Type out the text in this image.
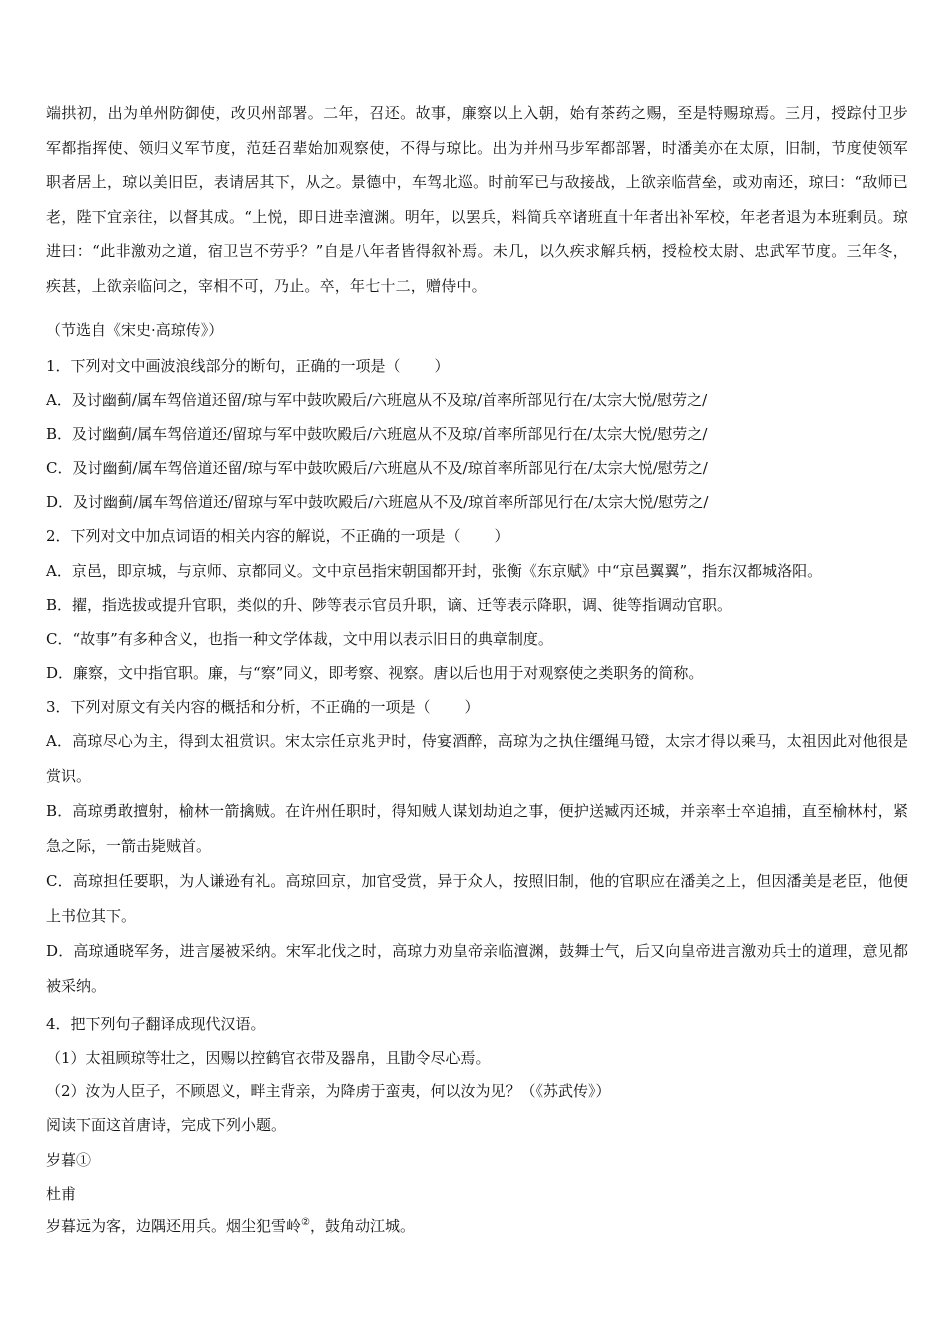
端拱初，出为单州防御使，改贝州部署。二年，召还。故事，廉察以上入朝，始有茶药之赐，至是特赐琼焉。三月，授踪付卫步军都指挥使、领归义军节度，范廷召辈始加观察使，不得与琼比。出为并州马步军都部署，时潘美亦在太原，旧制，节度使领军职者居上，琼以美旧臣，表请居其下，从之。景德中，车驾北巡。时前军已与敌接战，上欲亲临营垒，或劝南还，琼曰：“敌师已老，陛下宜亲往，以督其成。“上悦，即日进幸澶渊。明年，以罢兵，料简兵卒诸班直十年者出补军校，年老者退为本班剩员。琼进曰：“此非激劝之道，宿卫岂不劳乎？”自是八年者皆得叙补焉。未几，以久疾求解兵柄，授检校太尉、忠武军节度。三年冬，疾甚，上欲亲临问之，宰相不可，乃止。卒，年七十二，赠侍中。
（节选自《宋史·高琼传》）
1．下列对文中画波浪线部分的断句，正确的一项是（ ）
A．及讨幽蓟/属车驾倍道还留/琼与军中鼓吹殿后/六班扈从不及琼/首率所部见行在/太宗大悦/慰劳之/
B．及讨幽蓟/属车驾倍道还/留琼与军中鼓吹殿后/六班扈从不及琼/首率所部见行在/太宗大悦/慰劳之/
C．及讨幽蓟/属车驾倍道还留/琼与军中鼓吹殿后/六班扈从不及/琼首率所部见行在/太宗大悦/慰劳之/
D．及讨幽蓟/属车驾倍道还/留琼与军中鼓吹殿后/六班扈从不及/琼首率所部见行在/太宗大悦/慰劳之/
2．下列对文中加点词语的相关内容的解说，不正确的一项是（ ）
A．京邑，即京城，与京师、京都同义。文中京邑指宋朝国都开封，张衡《东京赋》中“京邑翼翼”，指东汉都城洛阳。
B．擢，指选拔或提升官职，类似的升、陟等表示官员升职，谪、迁等表示降职，调、徙等指调动官职。
C．“故事”有多种含义，也指一种文学体裁，文中用以表示旧日的典章制度。
D．廉察，文中指官职。廉，与“察”同义，即考察、视察。唐以后也用于对观察使之类职务的简称。
3．下列对原文有关内容的概括和分析，不正确的一项是（ ）
A．高琼尽心为主，得到太祖赏识。宋太宗任京兆尹时，侍宴酒醉，高琼为之执住缰绳马镫，太宗才得以乘马，太祖因此对他很是赏识。
B．高琼勇敢擅射，榆林一箭擒贼。在许州任职时，得知贼人谋划劫迫之事，便护送臧丙还城，并亲率士卒追捕，直至榆林村，紧急之际，一箭击毙贼首。
C．高琼担任要职，为人谦逊有礼。高琼回京，加官受赏，异于众人，按照旧制，他的官职应在潘美之上，但因潘美是老臣，他便上书位其下。
D．高琼通晓军务，进言屡被采纳。宋军北伐之时，高琼力劝皇帝亲临澶渊，鼓舞士气，后又向皇帝进言激劝兵士的道理，意见都被采纳。
4．把下列句子翻译成现代汉语。
（1）太祖顾琼等壮之，因赐以控鹤官衣带及器帛，且勖令尽心焉。
（2）汝为人臣子，不顾恩义，畔主背亲，为降虏于蛮夷，何以汝为见？（《苏武传》）
阅读下面这首唐诗，完成下列小题。
岁暮①
杜甫
岁暮远为客，边隅还用兵。烟尘犯雪岭②，鼓角动江城。
